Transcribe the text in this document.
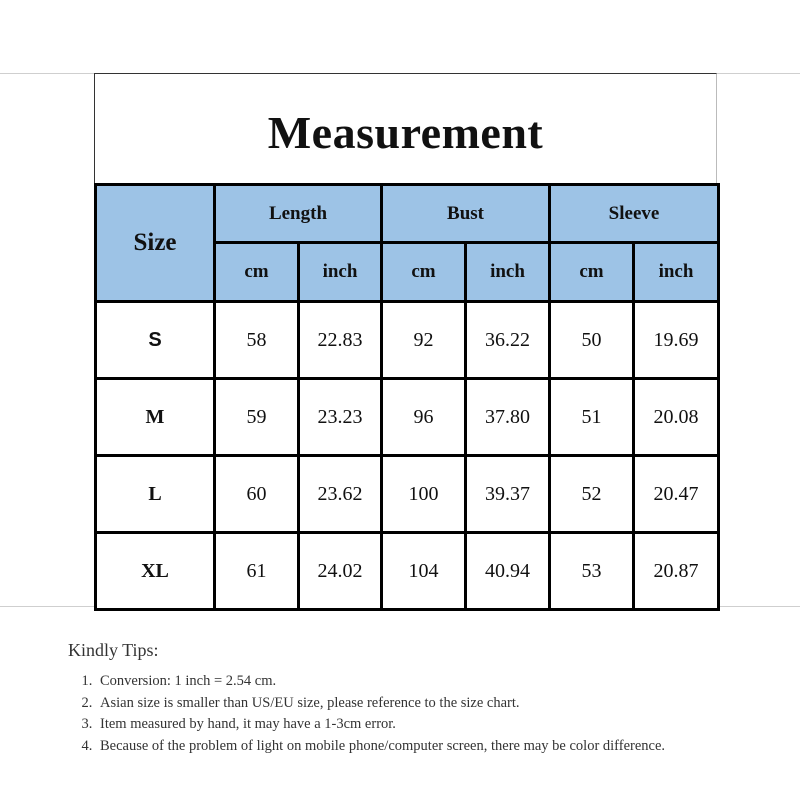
Measurement
Size	Length		Bust		Sleeve	
	cm	inch	cm	inch	cm	inch
S	58	22.83	92	36.22	50	19.69
M	59	23.23	96	37.80	51	20.08
L	60	23.62	100	39.37	52	20.47
XL	61	24.02	104	40.94	53	20.87
Kindly Tips:
1. Conversion: 1 inch = 2.54 cm.
2. Asian size is smaller than US/EU size, please reference to the size chart.
3. Item measured by hand, it may have a 1-3cm error.
4. Because of the problem of light on mobile phone/computer screen, there may be color difference.
